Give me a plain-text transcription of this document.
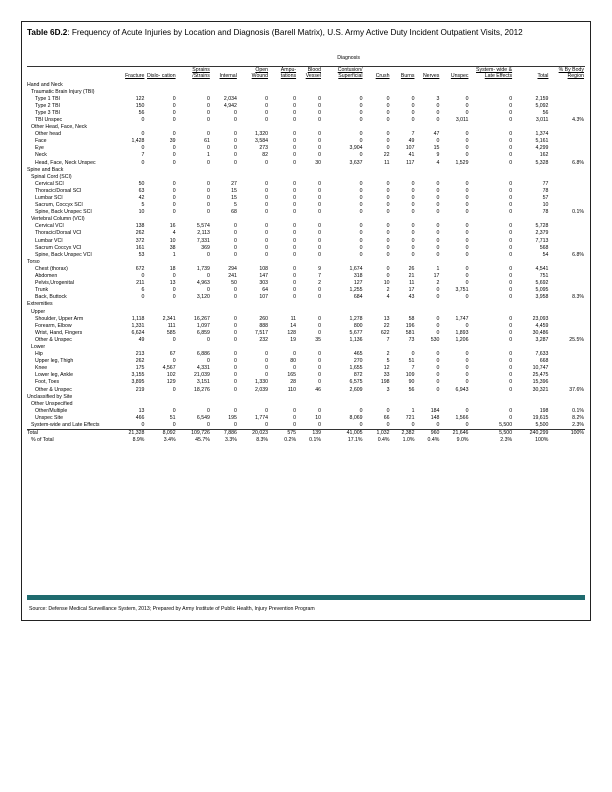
Table 6D.2: Frequency of Acute Injuries by Location and Diagnosis (Barell Matrix), U.S. Army Active Duty Incident Outpatient Visits, 2012
	Diagnosis														
	Fracture	Dislo- cation	Sprains /Strains	Internal	Open Wound	Ampu- tations	Blood Vessel	Contusion/ Superficial	Crush	Burns	Nerves	Unspec	System- wide & Late Effects	Total	% By Body Region
Hand and Neck															
Traumatic Brain Injury (TBI)															
Type 1 TBI	122	0	0	2,034	0	0	0	0	0	0	3	0	0	2,159	
Type 2 TBI	150	0	0	4,942	0	0	0	0	0	0	0	0	0	5,092	
Type 3 TBI	56	0	0	0	0	0	0	0	0	0	0	0	0	56	
TBI Unspec	0	0	0	0	0	0	0	0	0	0	0	3,011	0	3,011	4.3%
Other Head, Face, Neck															
Other head	0	0	0	0	1,320	0	0	0	0	7	47	0	0	1,374	
Face	1,428	39	61	0	3,584	0	0	0	0	49	0	0	0	5,161	
Eye	0	0	0	0	273	0	0	3,904	0	107	15	0	0	4,299	
Neck	7	0	1	0	82	0	0	0	22	41	9	0	0	162	
Head, Face, Neck Unspec	0	0	0	0	0	0	30	3,637	11	117	4	1,529	0	5,328	6.8%
Spine and Back															
Spinal Cord (SCI)															
Cervical SCI	50	0	0	27	0	0	0	0	0	0	0	0	0	77	
Thoracic/Dorsal SCI	63	0	0	15	0	0	0	0	0	0	0	0	0	78	
Lumbar SCI	42	0	0	15	0	0	0	0	0	0	0	0	0	57	
Sacrum, Coccyx SCI	5	0	0	5	0	0	0	0	0	0	0	0	0	10	
Spine, Back Unspec SCI	10	0	0	68	0	0	0	0	0	0	0	0	0	78	0.1%
Vertebral Column (VCI)															
Cervical VCI	138	16	5,574	0	0	0	0	0	0	0	0	0	0	5,728	
Thoracic/Dorsal VCI	262	4	2,113	0	0	0	0	0	0	0	0	0	0	2,379	
Lumbar VCI	372	10	7,331	0	0	0	0	0	0	0	0	0	0	7,713	
Sacrum Coccyx VCI	161	38	369	0	0	0	0	0	0	0	0	0	0	568	
Spine, Back Unspec VCI	53	1	0	0	0	0	0	0	0	0	0	0	0	54	6.8%
Torso															
Chest (thorax)	672	18	1,739	294	108	0	9	1,674	0	26	1	0	0	4,541	
Abdomen	0	0	0	241	147	0	7	318	0	21	17	0	0	751	
Pelvis,Urogenital	211	13	4,963	50	303	0	2	127	10	11	2	0	0	5,692	
Trunk	6	0	0	0	64	0	0	1,255	2	17	0	3,751	0	5,095	
Back, Buttock	0	0	3,120	0	107	0	0	684	4	43	0	0	0	3,958	8.3%
Extremities															
Upper															
Shoulder, Upper Arm	1,118	2,341	16,267	0	260	11	0	1,278	13	58	0	1,747	0	23,093	
Forearm, Elbow	1,331	111	1,097	0	888	14	0	800	22	196	0	0	0	4,459	
Wrist, Hand, Fingers	6,624	585	6,859	0	7,517	128	0	5,677	622	581	0	1,893	0	30,486	
Other & Unspec	49	0	0	0	232	19	35	1,136	7	73	530	1,206	0	3,287	25.5%
Lower															
Hip	213	67	6,886	0	0	0	0	465	2	0	0	0	0	7,633	
Upper leg, Thigh	262	0	0	0	0	80	0	270	5	51	0	0	0	668	
Knee	175	4,567	4,331	0	0	0	0	1,655	12	7	0	0	0	10,747	
Lower leg, Ankle	3,155	102	21,039	0	0	165	0	872	33	109	0	0	0	25,475	
Foot, Toes	3,895	129	3,151	0	1,330	28	0	6,575	198	90	0	0	0	15,396	
Other & Unspec	219	0	18,276	0	2,039	110	46	2,609	3	56	0	6,943	0	30,321	37.6%
Unclassified by Site															
Other Unspecified															
Other/Multiple	13	0	0	0	0	0	0	0	0	1	184	0	0	198	0.1%
Unspec Site	466	51	6,549	195	1,774	0	10	8,069	66	721	148	1,566	0	19,615	8.2%
System-wide and Late Effects	0	0	0	0	0	0	0	0	0	0	0	0	5,500	5,500	2.3%
Total	21,328	8,092	109,726	7,886	20,023	575	139	41,005	1,032	2,382	960	21,646	5,500	240,299	100%
% of Total	8.9%	3.4%	45.7%	3.3%	8.3%	0.2%	0.1%	17.1%	0.4%	1.0%	0.4%	9.0%	2.3%	100%	
Source: Defense Medical Surveillance System, 2013; Prepared by Army Institute of Public Health, Injury Prevention Program
